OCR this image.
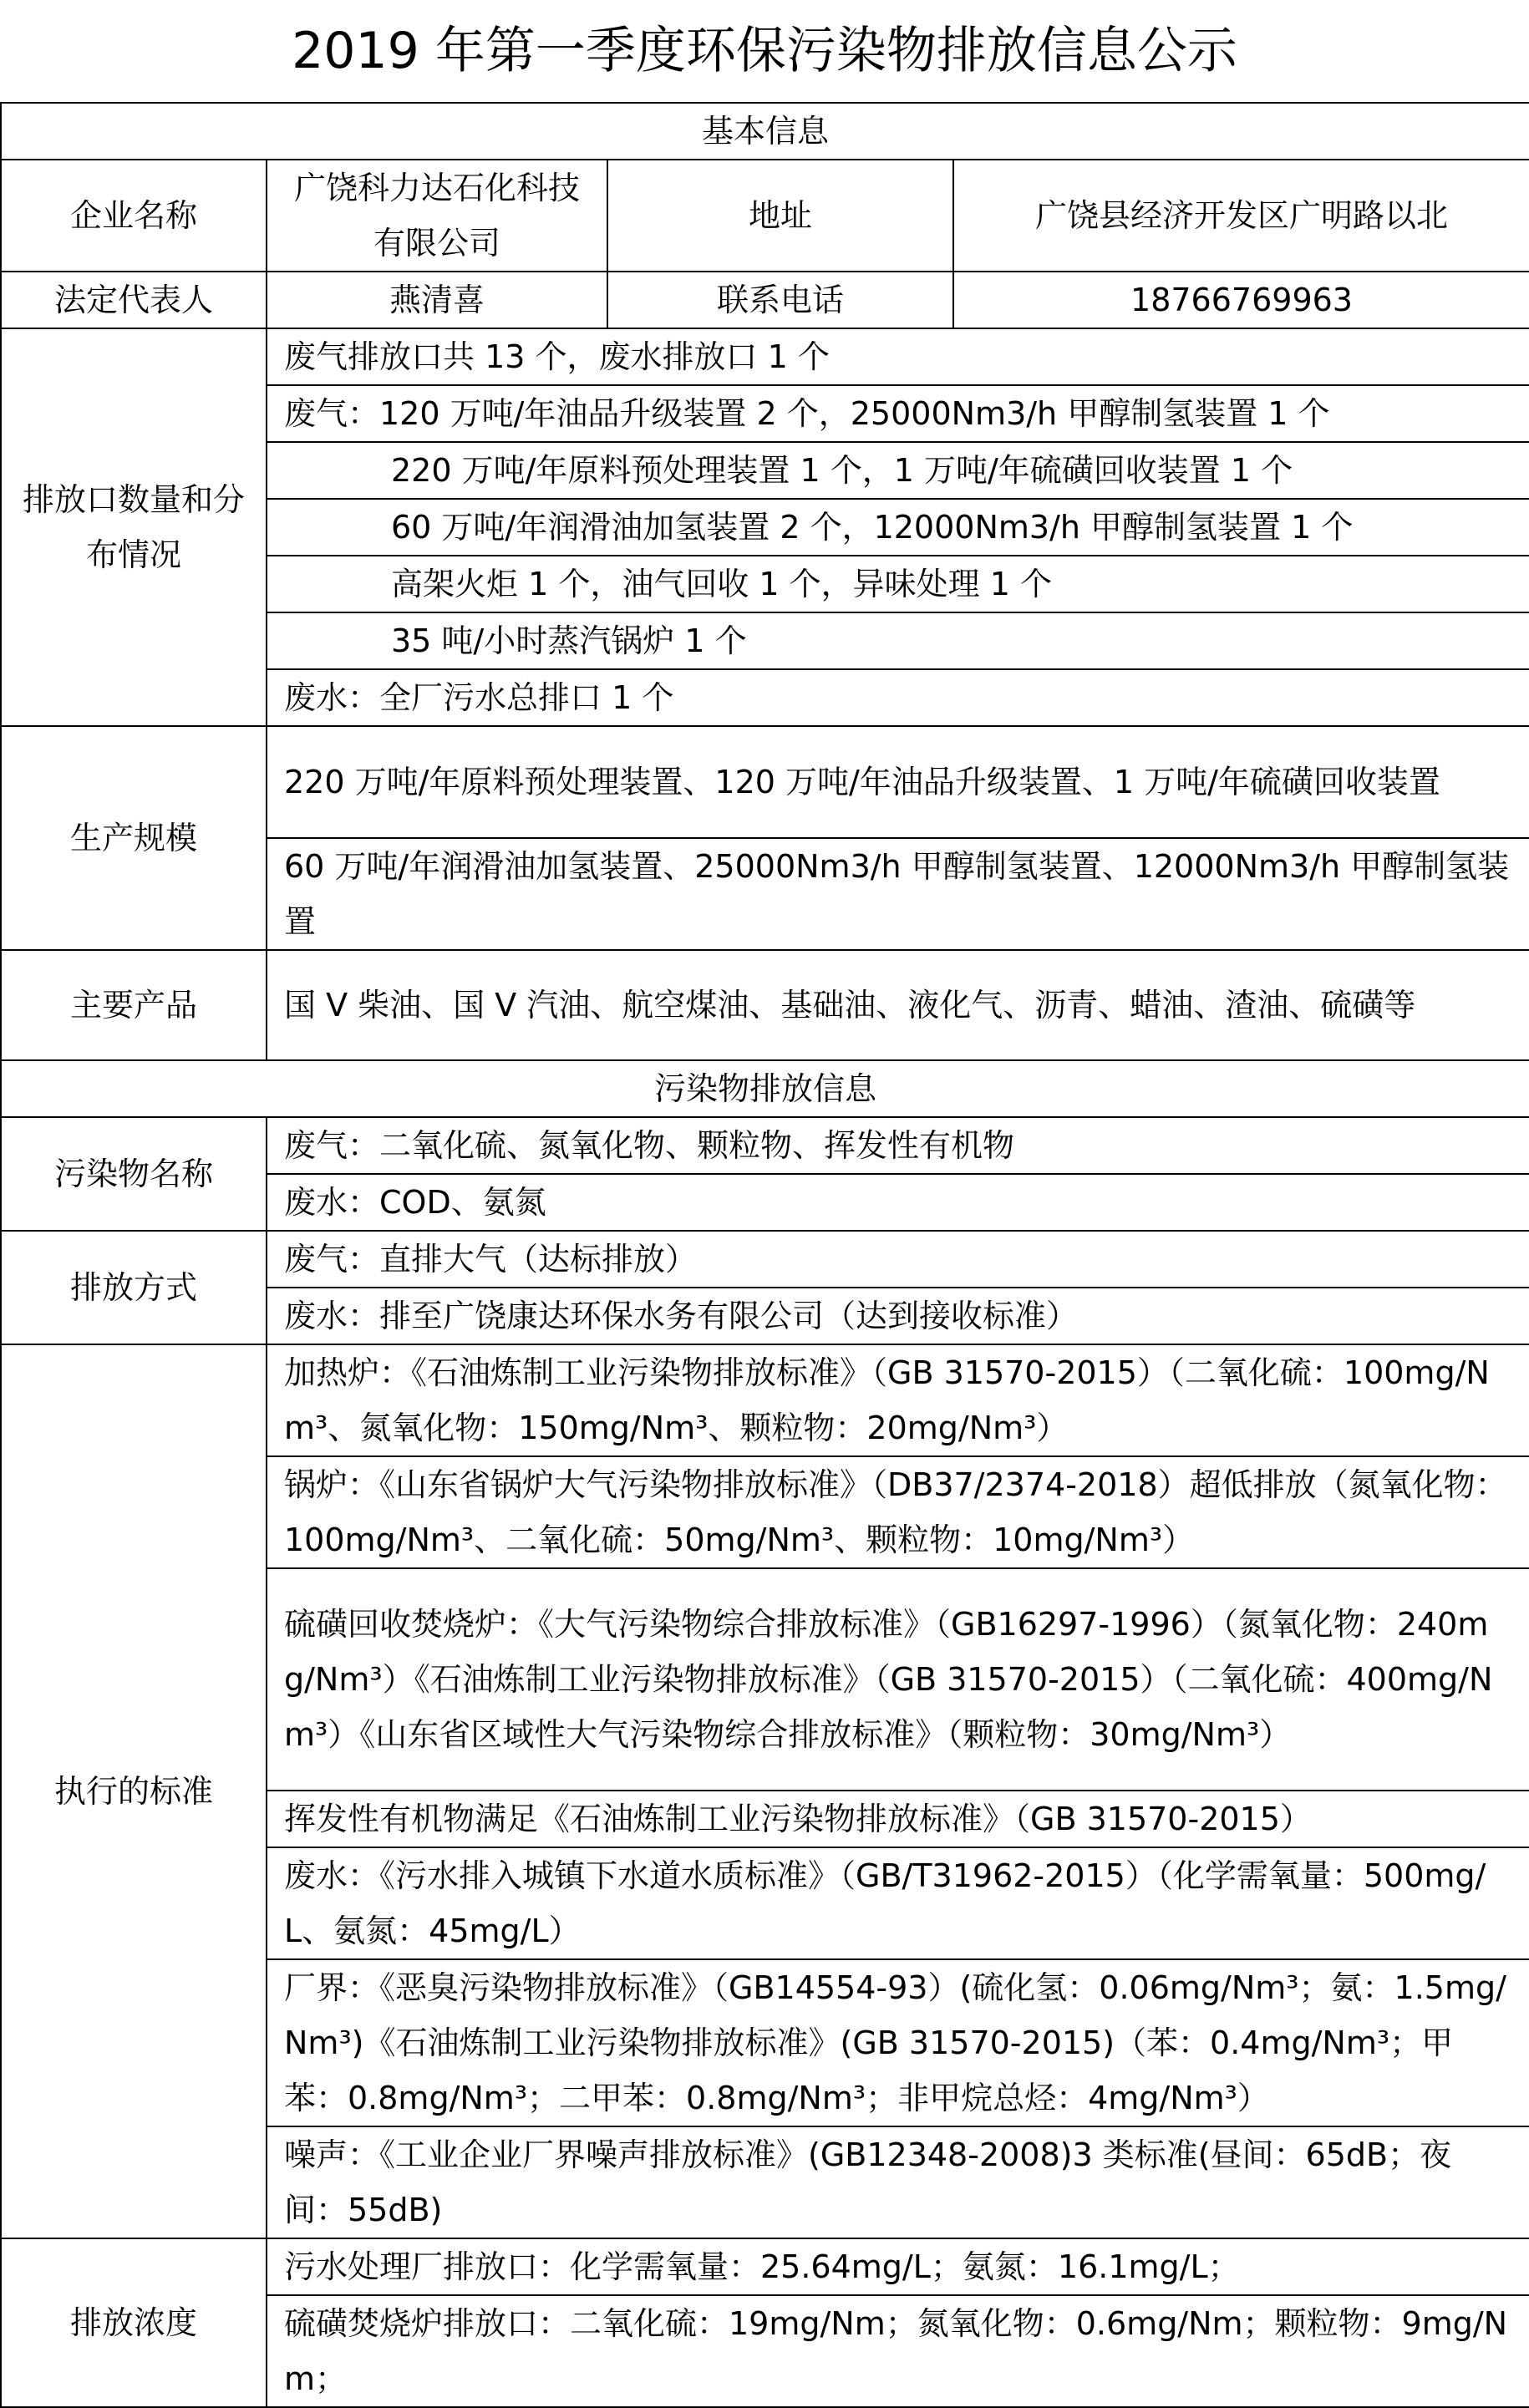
2019 年第一季度环保污染物排放信息公示
基本信息			
企业名称	广饶科力达石化科技有限公司	地址	广饶县经济开发区广明路以北
法定代表人	燕清喜	联系电话	18766769963
排放口数量和分布情况	废气排放口共 13 个，废水排放口 1 个		
	废气：120 万吨/年油品升级装置 2 个，25000Nm3/h 甲醇制氢装置 1 个		
	220 万吨/年原料预处理装置 1 个，1 万吨/年硫磺回收装置 1 个		
	60 万吨/年润滑油加氢装置 2 个，12000Nm3/h 甲醇制氢装置 1 个		
	高架火炬 1 个，油气回收 1 个，异味处理 1 个		
	35 吨/小时蒸汽锅炉 1 个		
	废水：全厂污水总排口 1 个		
生产规模	220 万吨/年原料预处理装置、120 万吨/年油品升级装置、1 万吨/年硫磺回收装置		
	60 万吨/年润滑油加氢装置、25000Nm3/h 甲醇制氢装置、12000Nm3/h 甲醇制氢装置		
主要产品	国 V 柴油、国 V 汽油、航空煤油、基础油、液化气、沥青、蜡油、渣油、硫磺等		
污染物排放信息			
污染物名称	废气：二氧化硫、氮氧化物、颗粒物、挥发性有机物		
	废水：COD、氨氮		
排放方式	废气：直排大气（达标排放）		
	废水：排至广饶康达环保水务有限公司（达到接收标准）		
执行的标准	加热炉：《石油炼制工业污染物排放标准》（GB 31570-2015）（二氧化硫：100mg/Nm³、氮氧化物：150mg/Nm³、颗粒物：20mg/Nm³）		
	锅炉：《山东省锅炉大气污染物排放标准》（DB37/2374-2018）超低排放（氮氧化物：100mg/Nm³、二氧化硫：50mg/Nm³、颗粒物：10mg/Nm³）		
	硫磺回收焚烧炉：《大气污染物综合排放标准》（GB16297-1996）（氮氧化物：240mg/Nm³）《石油炼制工业污染物排放标准》（GB 31570-2015）（二氧化硫：400mg/Nm³）《山东省区域性大气污染物综合排放标准》（颗粒物：30mg/Nm³）		
	挥发性有机物满足《石油炼制工业污染物排放标准》（GB 31570-2015）		
	废水：《污水排入城镇下水道水质标准》（GB/T31962-2015）（化学需氧量：500mg/L、氨氮：45mg/L）		
	厂界：《恶臭污染物排放标准》（GB14554-93）(硫化氢：0.06mg/Nm³；氨：1.5mg/Nm³)《石油炼制工业污染物排放标准》(GB 31570-2015)（苯：0.4mg/Nm³；甲苯：0.8mg/Nm³；二甲苯：0.8mg/Nm³；非甲烷总烃：4mg/Nm³）		
	噪声：《工业企业厂界噪声排放标准》(GB12348-2008)3 类标准(昼间：65dB；夜间：55dB)		
排放浓度	污水处理厂排放口：化学需氧量：25.64mg/L；氨氮：16.1mg/L；		
	硫磺焚烧炉排放口：二氧化硫：19mg/Nm；氮氧化物：0.6mg/Nm；颗粒物：9mg/Nm；		
